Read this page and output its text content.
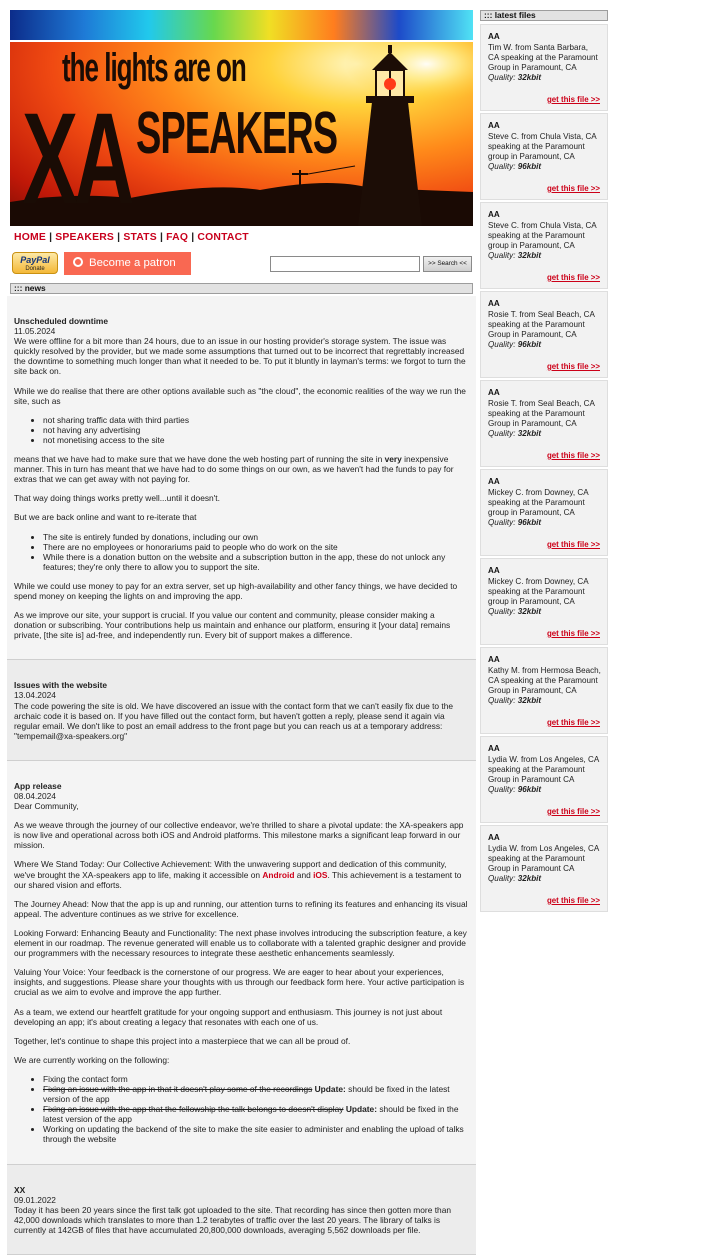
the lights are on
XA SPEAKERS
HOME | SPEAKERS | STATS | FAQ | CONTACT
PayPal
Donate	Become a patron	>> Search <<
::: news
::: latest files
Unscheduled downtime
11.05.2024

We were offline for a bit more than 24 hours, due to an issue in our hosting provider's storage system. The issue was quickly resolved by the provider, but we made some assumptions that turned out to be incorrect that regrettably increased the downtime to something much longer than what it needed to be. To put it bluntly in layman's terms: we forgot to turn the site back on.

While we do realise that there are other options available such as "the cloud", the economic realities of the way we run the site, such as

• not sharing traffic data with third parties
• not having any advertising
• not monetising access to the site

means that we have had to make sure that we have done the web hosting part of running the site in very inexpensive manner. This in turn has meant that we have had to do some things on our own, as we haven't had the funds to pay for extras that we can get away with not paying for.

That way doing things works pretty well...until it doesn't.

But we are back online and want to re-iterate that

• The site is entirely funded by donations, including our own
• There are no employees or honorariums paid to people who do work on the site
• While there is a donation button on the website and a subscription button in the app, these do not unlock any features; they're only there to allow you to support the site.

While we could use money to pay for an extra server, set up high-availability and other fancy things, we have decided to spend money on keeping the lights on and improving the app.

As we improve our site, your support is crucial. If you value our content and community, please consider making a donation or subscribing. Your contributions help us maintain and enhance our platform, ensuring it [your data] remains private, [the site is] ad-free, and independently run. Every bit of support makes a difference.

Issues with the website
13.04.2024

The code powering the site is old. We have discovered an issue with the contact form that we can't easily fix due to the archaic code it is based on. If you have filled out the contact form, but haven't gotten a reply, please send it again via regular email. We don't like to post an email address to the front page but you can reach us at a temporary address: "tempemail@xa-speakers.org"

App release
08.04.2024
Dear Community,

As we weave through the journey of our collective endeavor, we're thrilled to share a pivotal update: the XA-speakers app is now live and operational across both iOS and Android platforms. This milestone marks a significant leap forward in our mission.

Where We Stand Today: Our Collective Achievement: With the unwavering support and dedication of this community, we've brought the XA-speakers app to life, making it accessible on Android and iOS. This achievement is a testament to our shared vision and efforts.

The Journey Ahead: Now that the app is up and running, our attention turns to refining its features and enhancing its visual appeal. The adventure continues as we strive for excellence.

Looking Forward: Enhancing Beauty and Functionality: The next phase involves introducing the subscription feature, a key element in our roadmap. The revenue generated will enable us to collaborate with a talented graphic designer and provide our programmers with the necessary resources to integrate these aesthetic enhancements seamlessly.

Valuing Your Voice: Your feedback is the cornerstone of our progress. We are eager to hear about your experiences, insights, and suggestions. Please share your thoughts with us through our feedback form here. Your active participation is crucial as we aim to evolve and improve the app further.

As a team, we extend our heartfelt gratitude for your ongoing support and enthusiasm. This journey is not just about developing an app; it's about creating a legacy that resonates with each one of us.

Together, let's continue to shape this project into a masterpiece that we can all be proud of.

We are currently working on the following:

• Fixing the contact form
• Fixing an issue with the app in that it doesn't play some of the recordings Update: should be fixed in the latest version of the app
• Fixing an issue with the app that the fellowship the talk belongs to doesn't display Update: should be fixed in the latest version of the app
• Working on updating the backend of the site to make the site easier to administer and enabling the upload of talks through the website
XX
09.01.2022

Today it has been 20 years since the first talk got uploaded to the site. That recording has since then gotten more than 42,000 downloads which translates to more than 1.2 terabytes of traffic over the last 20 years. The library of talks is currently at 142GB of files that have accumulated 20,800,000 downloads, averaging 5,562 downloads per file.

AA
Tim W. from Santa Barbara, CA speaking at the Paramount Group in Paramount, CA
Quality: 32kbit
get this file >>
AA
Steve C. from Chula Vista, CA speaking at the Paramount group in Paramount, CA
Quality: 96kbit
get this file >>
AA
Steve C. from Chula Vista, CA speaking at the Paramount group in Paramount, CA
Quality: 32kbit
get this file >>
AA
Rosie T. from Seal Beach, CA speaking at the Paramount Group in Paramount, CA
Quality: 96kbit
get this file >>
AA
Rosie T. from Seal Beach, CA speaking at the Paramount Group in Paramount, CA
Quality: 32kbit
get this file >>
AA
Mickey C. from Downey, CA speaking at the Paramount group in Paramount, CA
Quality: 96kbit
get this file >>
AA
Mickey C. from Downey, CA speaking at the Paramount group in Paramount, CA
Quality: 32kbit
get this file >>
AA
Kathy M. from Hermosa Beach, CA speaking at the Paramount Group in Paramount, CA
Quality: 32kbit
get this file >>
AA
Lydia W. from Los Angeles, CA speaking at the Paramount Group in Paramount CA
Quality: 96kbit
get this file >>
AA
Lydia W. from Los Angeles, CA speaking at the Paramount Group in Paramount CA
Quality: 32kbit
get this file >>
